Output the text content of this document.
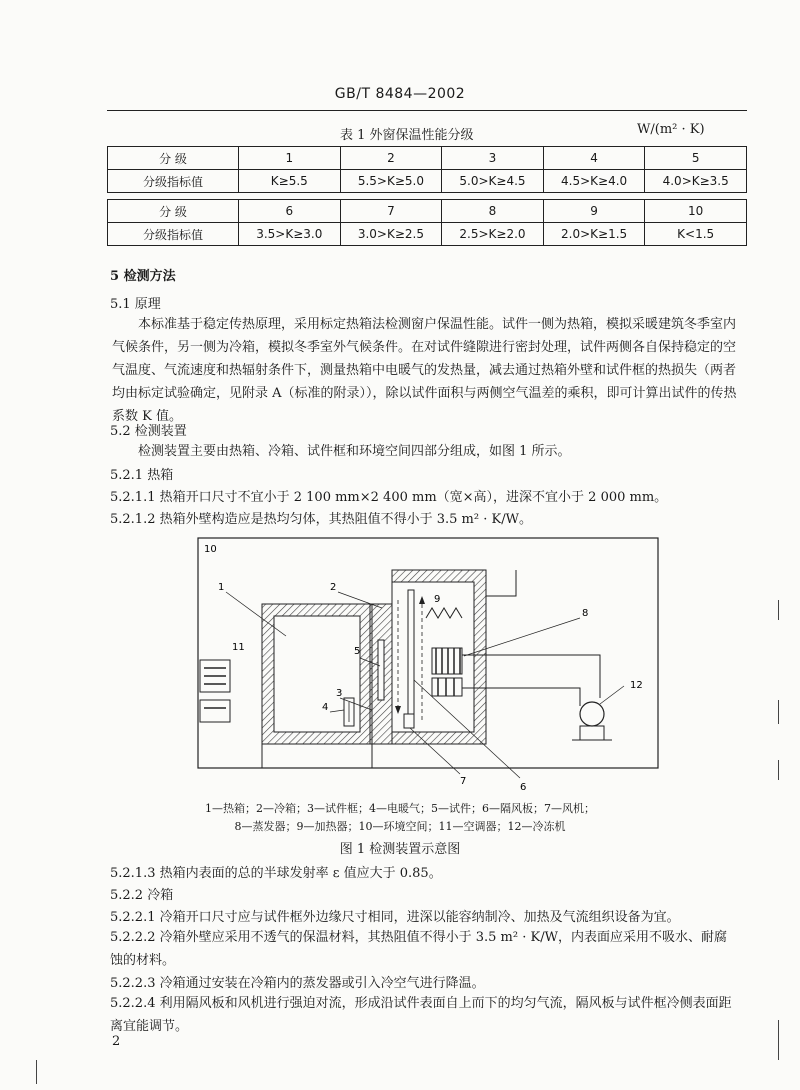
GB/T 8484—2002
表 1 外窗保温性能分级	W/(m² · K)
分 级	1	2	3	4	5
分级指标值	K≥5.5	5.5>K≥5.0	5.0>K≥4.5	4.5>K≥4.0	4.0>K≥3.5
分 级	6	7	8	9	10
分级指标值	3.5>K≥3.0	3.0>K≥2.5	2.5>K≥2.0	2.0>K≥1.5	K<1.5
5 检测方法
5.1 原理
本标准基于稳定传热原理，采用标定热箱法检测窗户保温性能。试件一侧为热箱，模拟采暖建筑冬季室内气候条件，另一侧为冷箱，模拟冬季室外气候条件。在对试件缝隙进行密封处理，试件两侧各自保持稳定的空气温度、气流速度和热辐射条件下，测量热箱中电暖气的发热量，减去通过热箱外壁和试件框的热损失（两者均由标定试验确定，见附录 A（标准的附录）），除以试件面积与两侧空气温差的乘积，即可计算出试件的传热系数 K 值。
5.2 检测装置
检测装置主要由热箱、冷箱、试件框和环境空间四部分组成，如图 1 所示。
5.2.1 热箱
5.2.1.1 热箱开口尺寸不宜小于 2 100 mm×2 400 mm（宽×高），进深不宜小于 2 000 mm。
5.2.1.2 热箱外壁构造应是热均匀体，其热阻值不得小于 3.5 m² · K/W。
10
1	2
5
3
4
9
8
11
12
7
6
1—热箱；2—冷箱；3—试件框；4—电暖气；5—试件；6—隔风板；7—风机；
8—蒸发器；9—加热器；10—环境空间；11—空调器；12—冷冻机
图 1 检测装置示意图
5.2.1.3 热箱内表面的总的半球发射率 ε 值应大于 0.85。
5.2.2 冷箱
5.2.2.1 冷箱开口尺寸应与试件框外边缘尺寸相同，进深以能容纳制冷、加热及气流组织设备为宜。
5.2.2.2 冷箱外壁应采用不透气的保温材料，其热阻值不得小于 3.5 m² · K/W，内表面应采用不吸水、耐腐蚀的材料。
5.2.2.3 冷箱通过安装在冷箱内的蒸发器或引入冷空气进行降温。
5.2.2.4 利用隔风板和风机进行强迫对流，形成沿试件表面自上而下的均匀气流，隔风板与试件框冷侧表面距离宜能调节。
2
